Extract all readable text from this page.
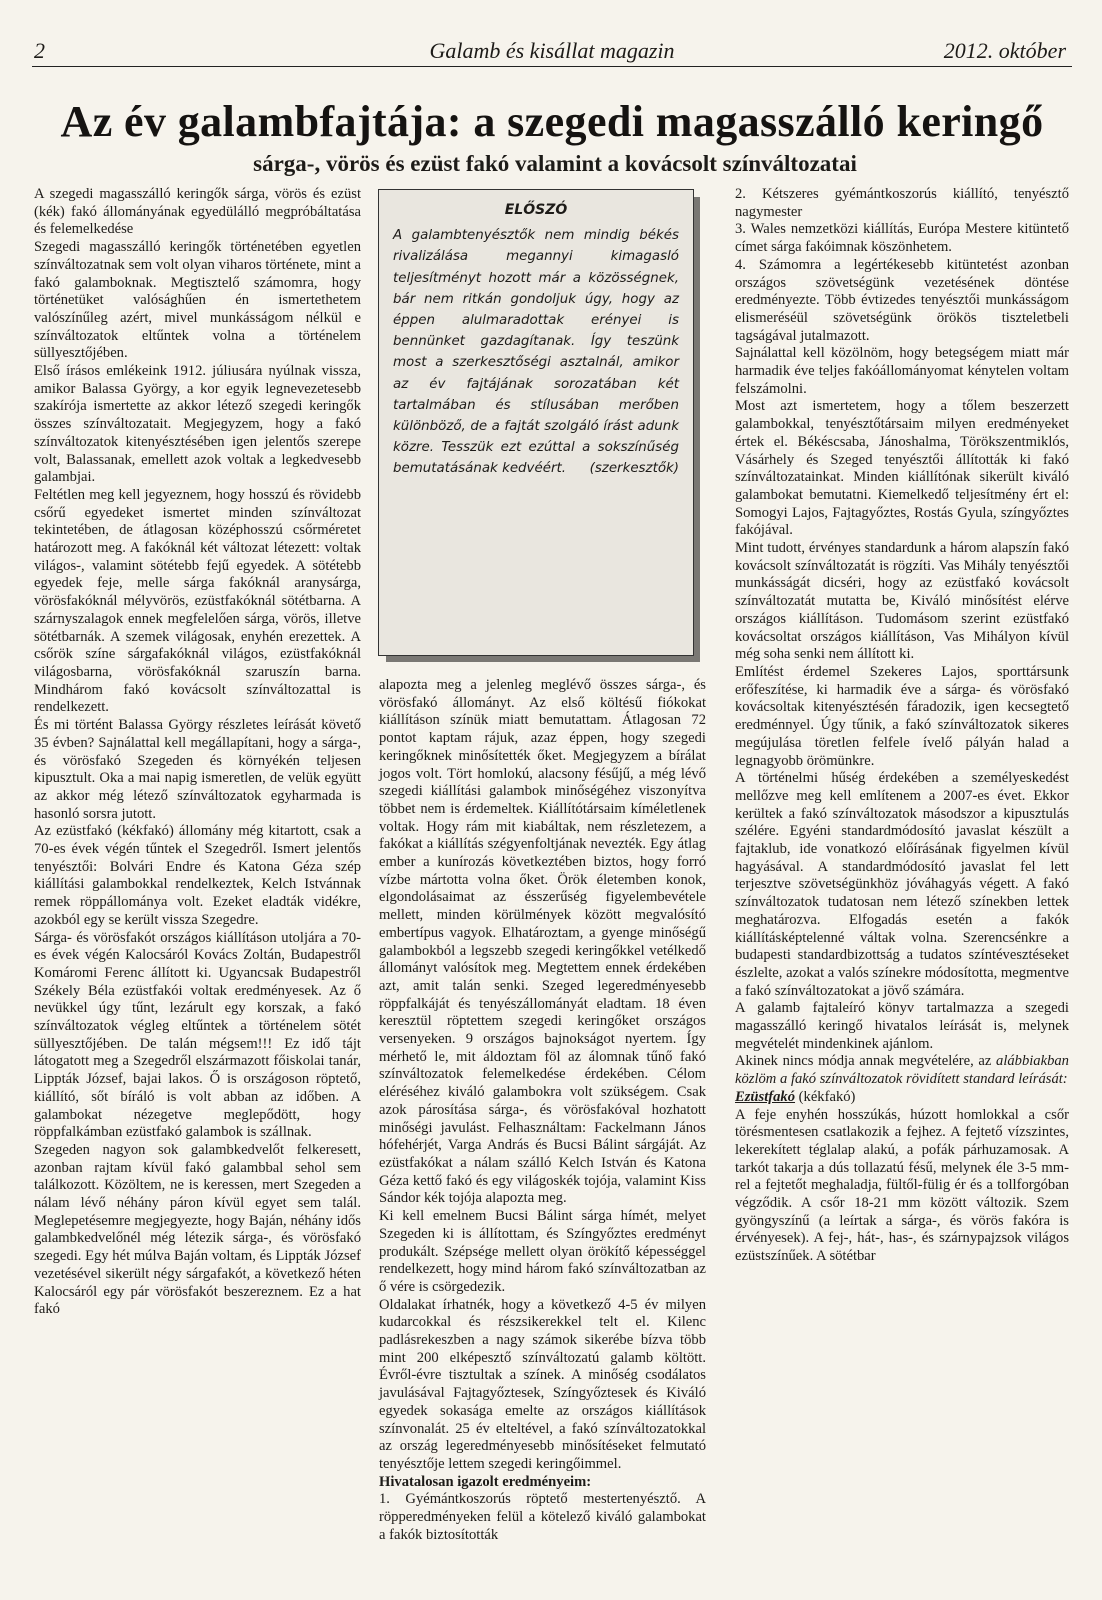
2	Galamb és kisállat magazin	2012. október
Az év galambfajtája: a szegedi magasszálló keringő
sárga-, vörös és ezüst fakó valamint a kovácsolt színváltozatai

A szegedi magasszálló keringők sárga, vörös és ezüst (kék) fakó állományának egyedülálló megpróbáltatása és felemelkedése

Szegedi magasszálló keringők történetében egyetlen színváltozatnak sem volt olyan viharos története, mint a fakó galamboknak. Megtisztelő számomra, hogy történetüket valósághűen én ismertethetem valószínűleg azért, mivel munkásságom nélkül e színváltozatok eltűntek volna a történelem süllyesztőjében.

Első írásos emlékeink 1912. júliusára nyúlnak vissza, amikor Balassa György, a kor egyik legnevezetesebb szakírója ismertette az akkor létező szegedi keringők összes színváltozatait. Megjegyzem, hogy a fakó színváltozatok kitenyésztésében igen jelentős szerepe volt, Balassanak, emellett azok voltak a legkedvesebb galambjai.

Feltétlen meg kell jegyeznem, hogy hosszú és rövidebb csőrű egyedeket ismertet minden színváltozat tekintetében, de átlagosan középhosszú csőrméretet határozott meg. A fakóknál két változat létezett: voltak világos-, valamint sötétebb fejű egyedek. A sötétebb egyedek feje, melle sárga fakóknál aranysárga, vörösfakóknál mélyvörös, ezüstfakóknál sötétbarna. A szárnyszalagok ennek megfelelően sárga, vörös, illetve sötétbarnák. A szemek világosak, enyhén erezettek. A csőrök színe sárgafakóknál világos, ezüstfakóknál világosbarna, vörösfakóknál szaruszín barna. Mindhárom fakó kovácsolt színváltozattal is rendelkezett.

És mi történt Balassa György részletes leírását követő 35 évben? Sajnálattal kell megállapítani, hogy a sárga-, és vörösfakó Szegeden és környékén teljesen kipusztult. Oka a mai napig ismeretlen, de velük együtt az akkor még létező színváltozatok egyharmada is hasonló sorsra jutott.

Az ezüstfakó (kékfakó) állomány még kitartott, csak a 70-es évek végén tűntek el Szegedről. Ismert jelentős tenyésztői: Bolvári Endre és Katona Géza szép kiállítási galambokkal rendelkeztek, Kelch Istvánnak remek röppállománya volt. Ezeket eladták vidékre, azokból egy se került vissza Szegedre.

Sárga- és vörösfakót országos kiállításon utoljára a 70-es évek végén Kalocsáról Kovács Zoltán, Budapestről Komáromi Ferenc állított ki. Ugyancsak Budapestről Székely Béla ezüstfakói voltak eredményesek. Az ő nevükkel úgy tűnt, lezárult egy korszak, a fakó színváltozatok végleg eltűntek a történelem sötét süllyesztőjében. De talán mégsem!!! Ez idő tájt látogatott meg a Szegedről elszármazott főiskolai tanár, Lippták József, bajai lakos. Ő is országoson röptető, kiállító, sőt bíráló is volt abban az időben. A galambokat nézegetve meglepődött, hogy röppfalkámban ezüstfakó galambok is szállnak.

Szegeden nagyon sok galambkedvelőt felkeresett, azonban rajtam kívül fakó galambbal sehol sem találkozott. Közöltem, ne is keressen, mert Szegeden a nálam lévő néhány páron kívül egyet sem talál. Meglepetésemre megjegyezte, hogy Baján, néhány idős galambkedvelőnél még létezik sárga-, és vörösfakó szegedi. Egy hét múlva Baján voltam, és Lippták József vezetésével sikerült négy sárgafakót, a következő héten Kalocsáról egy pár vörösfakót beszereznem. Ez a hat fakó

ELŐSZÓ
A galambtenyésztők nem mindig békés rivalizálása megannyi kimagasló teljesítményt hozott már a közösségnek, bár nem ritkán gondoljuk úgy, hogy az éppen alulmaradottak erényei is bennünket gazdagítanak. Így teszünk most a szerkesztőségi asztalnál, amikor az év fajtájának sorozatában két tartalmában és stílusában merőben különböző, de a fajtát szolgáló írást adunk közre. Tesszük ezt ezúttal a sokszínűség bemutatásának kedvéért. (szerkesztők)

alapozta meg a jelenleg meglévő összes sárga-, és vörösfakó állományt. Az első költésű fiókokat kiállításon színük miatt bemutattam. Átlagosan 72 pontot kaptam rájuk, azaz éppen, hogy szegedi keringőknek minősítették őket. Megjegyzem a bírálat jogos volt. Tört homlokú, alacsony fésűjű, a még lévő szegedi kiállítási galambok minőségéhez viszonyítva többet nem is érdemeltek. Kiállítótársaim kíméletlenek voltak. Hogy rám mit kiabáltak, nem részletezem, a fakókat a kiállítás szégyenfoltjának nevezték. Egy átlag ember a kunírozás következtében biztos, hogy forró vízbe mártotta volna őket. Örök életemben konok, elgondolásaimat az ésszerűség figyelembevétele mellett, minden körülmények között megvalósító embertípus vagyok. Elhatároztam, a gyenge minőségű galambokból a legszebb szegedi keringőkkel vetélkedő állományt valósítok meg. Megtettem ennek érdekében azt, amit talán senki. Szeged legeredményesebb röppfalkáját és tenyészállományát eladtam. 18 éven keresztül röptettem szegedi keringőket országos versenyeken. 9 országos bajnokságot nyertem. Így mérhető le, mit áldoztam föl az álomnak tűnő fakó színváltozatok felemelkedése érdekében. Célom eléréséhez kiváló galambokra volt szükségem. Csak azok párosítása sárga-, és vörösfakóval hozhatott minőségi javulást. Felhasználtam: Fackelmann János hófehérjét, Varga András és Bucsi Bálint sárgáját. Az ezüstfakókat a nálam szálló Kelch István és Katona Géza kettő fakó és egy világoskék tojója, valamint Kiss Sándor kék tojója alapozta meg.

Ki kell emelnem Bucsi Bálint sárga hímét, melyet Szegeden ki is állítottam, és Színgyőztes eredményt produkált. Szépsége mellett olyan örökítő képességgel rendelkezett, hogy mind három fakó színváltozatban az ő vére is csörgedezik.

Oldalakat írhatnék, hogy a következő 4-5 év milyen kudarcokkal és részsikerekkel telt el. Kilenc padlásrekeszben a nagy számok sikerébe bízva több mint 200 elképesztő színváltozatú galamb költött. Évről-évre tisztultak a színek. A minőség csodálatos javulásával Fajtagyőztesek, Színgyőztesek és Kiváló egyedek sokasága emelte az országos kiállítások színvonalát. 25 év elteltével, a fakó színváltozatokkal az ország legeredményesebb minősítéseket felmutató tenyésztője lettem szegedi keringőimmel.

Hivatalosan igazolt eredményeim:

1. Gyémántkoszorús röptető mestertenyésztő. A röpperedményeken felül a kötelező kiváló galambokat a fakók biztosították

2. Kétszeres gyémántkoszorús kiállító, tenyésztő nagymester

3. Wales nemzetközi kiállítás, Európa Mestere kitüntető címet sárga fakóimnak köszönhetem.

4. Számomra a legértékesebb kitüntetést azonban országos szövetségünk vezetésének döntése eredményezte. Több évtizedes tenyésztői munkásságom elismeréséül szövetségünk örökös tiszteletbeli tagságával jutalmazott.

Sajnálattal kell közölnöm, hogy betegségem miatt már harmadik éve teljes fakóállományomat kénytelen voltam felszámolni.

Most azt ismertetem, hogy a tőlem beszerzett galambokkal, tenyésztőtársaim milyen eredményeket értek el. Békéscsaba, Jánoshalma, Törökszentmiklós, Vásárhely és Szeged tenyésztői állították ki fakó színváltozatainkat. Minden kiállítónak sikerült kiváló galambokat bemutatni. Kiemelkedő teljesítmény ért el: Somogyi Lajos, Fajtagyőztes, Rostás Gyula, színgyőztes fakójával.

Mint tudott, érvényes standardunk a három alapszín fakó kovácsolt színváltozatát is rögzíti. Vas Mihály tenyésztői munkásságát dicséri, hogy az ezüstfakó kovácsolt színváltozatát mutatta be, Kiváló minősítést elérve országos kiállításon. Tudomásom szerint ezüstfakó kovácsoltat országos kiállításon, Vas Mihályon kívül még soha senki nem állított ki.

Említést érdemel Szekeres Lajos, sporttársunk erőfeszítése, ki harmadik éve a sárga- és vörösfakó kovácsoltak kitenyésztésén fáradozik, igen kecsegtető eredménnyel. Úgy tűnik, a fakó színváltozatok sikeres megújulása töretlen felfele ívelő pályán halad a legnagyobb örömünkre.

A történelmi hűség érdekében a személyeskedést mellőzve meg kell említenem a 2007-es évet. Ekkor kerültek a fakó színváltozatok másodszor a kipusztulás szélére. Egyéni standardmódosító javaslat készült a fajtaklub, ide vonatkozó előírásának figyelmen kívül hagyásával. A standardmódosító javaslat fel lett terjesztve szövetségünkhöz jóváhagyás végett. A fakó színváltozatok tudatosan nem létező színekben lettek meghatározva. Elfogadás esetén a fakók kiállításképtelenné váltak volna. Szerencsénkre a budapesti standardbizottság a tudatos színtévesztéseket észlelte, azokat a valós színekre módosította, megmentve a fakó színváltozatokat a jövő számára.

A galamb fajtaleíró könyv tartalmazza a szegedi magasszálló keringő hivatalos leírását is, melynek megvételét mindenkinek ajánlom.

Akinek nincs módja annak megvételére, az alábbiakban közlöm a fakó színváltozatok rövidített standard leírását:

Ezüstfakó (kékfakó)

A feje enyhén hosszúkás, húzott homlokkal a csőr törésmentesen csatlakozik a fejhez. A fejtető vízszintes, lekerekített téglalap alakú, a pofák párhuzamosak. A tarkót takarja a dús tollazatú fésű, melynek éle 3-5 mm-rel a fejtetőt meghaladja, fültől-fülig ér és a tollforgóban végződik. A csőr 18-21 mm között változik. Szem gyöngyszínű (a leírtak a sárga-, és vörös fakóra is érvényesek). A fej-, hát-, has-, és szárnypajzsok világos ezüstszínűek. A sötétbar
